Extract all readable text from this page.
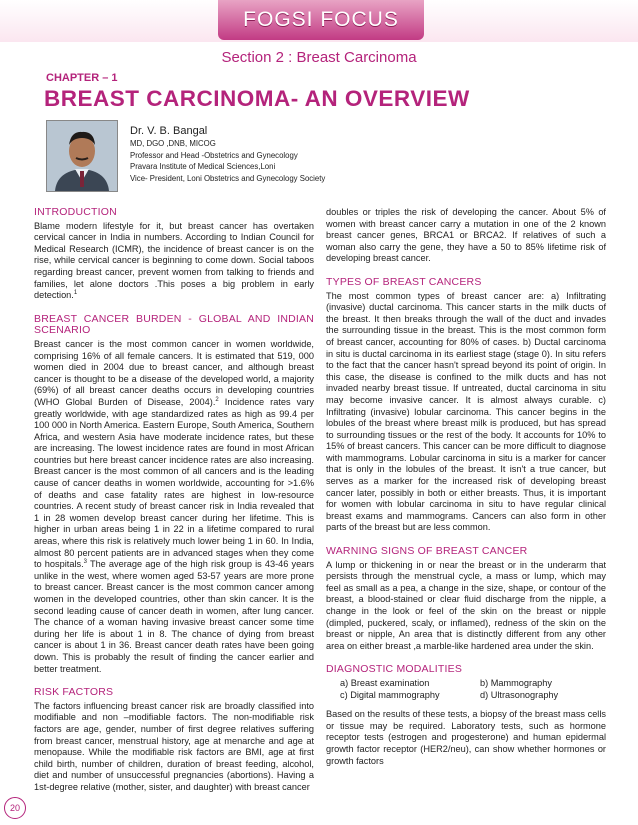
FOGSI FOCUS
Section 2 : Breast Carcinoma
CHAPTER – 1
BREAST CARCINOMA- AN OVERVIEW
Dr. V. B. Bangal
MD, DGO ,DNB, MICOG
Professor and Head -Obstetrics and Gynecology
Pravara Institute of Medical Sciences,Loni
Vice- President, Loni Obstetrics and Gynecology Society
INTRODUCTION

Blame modern lifestyle for it, but breast cancer has overtaken cervical cancer in India in numbers. According to Indian Council for Medical Research (ICMR), the incidence of breast cancer is on the rise, while cervical cancer is beginning to come down. Social taboos regarding breast cancer, prevent women from talking to friends and families, let alone doctors .This poses a big problem in early detection.$^1$

BREAST CANCER BURDEN - GLOBAL AND INDIAN SCENARIO

Breast cancer is the most common cancer in women worldwide, comprising 16% of all female cancers. It is estimated that 519, 000 women died in 2004 due to breast cancer, and although breast cancer is thought to be a disease of the developed world, a majority (69%) of all breast cancer deaths occurs in developing countries (WHO Global Burden of Disease, 2004).$^2$ Incidence rates vary greatly worldwide, with age standardized rates as high as 99.4 per 100 000 in North America. Eastern Europe, South America, Southern Africa, and western Asia have moderate incidence rates, but these are increasing. The lowest incidence rates are found in most African countries but here breast cancer incidence rates are also increasing. Breast cancer is the most common of all cancers and is the leading cause of cancer deaths in women worldwide, accounting for >1.6% of deaths and case fatality rates are highest in low-resource countries. A recent study of breast cancer risk in India revealed that 1 in 28 women develop breast cancer during her lifetime. This is higher in urban areas being 1 in 22 in a lifetime compared to rural areas, where this risk is relatively much lower being 1 in 60. In India, almost 80 percent patients are in advanced stages when they come to hospitals.$^3$ The average age of the high risk group is 43-46 years unlike in the west, where women aged 53-57 years are more prone to breast cancer. Breast cancer is the most common cancer among women in the developed countries, other than skin cancer. It is the second leading cause of cancer death in women, after lung cancer. The chance of a woman having invasive breast cancer some time during her life is about 1 in 8. The chance of dying from breast cancer is about 1 in 36. Breast cancer death rates have been going down. This is probably the result of finding the cancer earlier and better treatment.

RISK FACTORS

The factors influencing breast cancer risk are broadly classified into modifiable and non –modifiable factors. The non-modifiable risk factors are age, gender, number of first degree relatives suffering from breast cancer, menstrual history, age at menarche and age at menopause. While the modifiable risk factors are BMI, age at first child birth, number of children, duration of breast feeding, alcohol, diet and number of unsuccessful pregnancies (abortions). Having a 1st-degree relative (mother, sister, and daughter) with breast cancer

doubles or triples the risk of developing the cancer. About 5% of women with breast cancer carry a mutation in one of the 2 known breast cancer genes, BRCA1 or BRCA2. If relatives of such a woman also carry the gene, they have a 50 to 85% lifetime risk of developing breast cancer.

TYPES OF BREAST CANCERS

The most common types of breast cancer are: a) Infiltrating (invasive) ductal carcinoma. This cancer starts in the milk ducts of the breast. It then breaks through the wall of the duct and invades the surrounding tissue in the breast. This is the most common form of breast cancer, accounting for 80% of cases. b) Ductal carcinoma in situ is ductal carcinoma in its earliest stage (stage 0). In situ refers to the fact that the cancer hasn't spread beyond its point of origin. In this case, the disease is confined to the milk ducts and has not invaded nearby breast tissue. If untreated, ductal carcinoma in situ may become invasive cancer. It is almost always curable. c) Infiltrating (invasive) lobular carcinoma. This cancer begins in the lobules of the breast where breast milk is produced, but has spread to surrounding tissues or the rest of the body. It accounts for 10% to 15% of breast cancers. This cancer can be more difficult to diagnose with mammograms. Lobular carcinoma in situ is a marker for cancer that is only in the lobules of the breast. It isn't a true cancer, but serves as a marker for the increased risk of developing breast cancer later, possibly in both or either breasts. Thus, it is important for women with lobular carcinoma in situ to have regular clinical breast exams and mammograms. Cancers can also form in other parts of the breast but are less common.

WARNING SIGNS OF BREAST CANCER

A lump or thickening in or near the breast or in the underarm that persists through the menstrual cycle, a mass or lump, which may feel as small as a pea, a change in the size, shape, or contour of the breast, a blood-stained or clear fluid discharge from the nipple, a change in the look or feel of the skin on the breast or nipple (dimpled, puckered, scaly, or inflamed), redness of the skin on the breast or nipple, An area that is distinctly different from any other area on either breast ,a marble-like hardened area under the skin.

DIAGNOSTIC MODALITIES
a) Breast examination	b) Mammography
c) Digital mammography	d) Ultrasonography

Based on the results of these tests, a biopsy of the breast mass cells or tissue may be required. Laboratory tests, such as hormone receptor tests (estrogen and progesterone) and human epidermal growth factor receptor (HER2/neu), can show whether hormones or growth factors

20
